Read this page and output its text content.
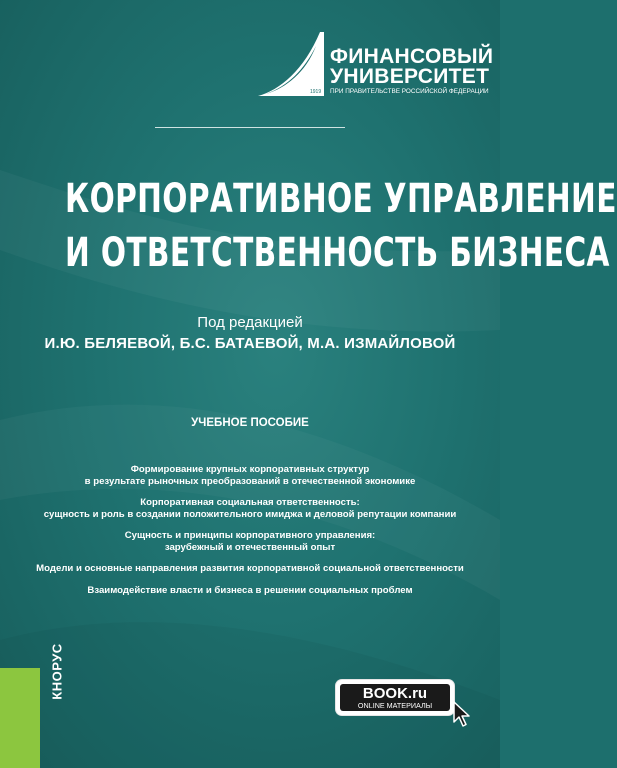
1919
ФИНАНСОВЫЙ
УНИВЕРСИТЕТ
ПРИ ПРАВИТЕЛЬСТВЕ РОССИЙСКОЙ ФЕДЕРАЦИИ
КОРПОРАТИВНОЕ УПРАВЛЕНИЕ
И ОТВЕТСТВЕННОСТЬ БИЗНЕСА
Под редакцией
И.Ю. БЕЛЯЕВОЙ, Б.С. БАТАЕВОЙ, М.А. ИЗМАЙЛОВОЙ
УЧЕБНОЕ ПОСОБИЕ
Формирование крупных корпоративных структур
в результате рыночных преобразований в отечественной экономике
Корпоративная социальная ответственность:
сущность и роль в создании положительного имиджа и деловой репутации компании
Сущность и принципы корпоративного управления:
зарубежный и отечественный опыт
Модели и основные направления развития корпоративной социальной ответственности
Взаимодействие власти и бизнеса в решении социальных проблем
КНОРУС	BOOK.ru
ONLINE МАТЕРИАЛЫ
